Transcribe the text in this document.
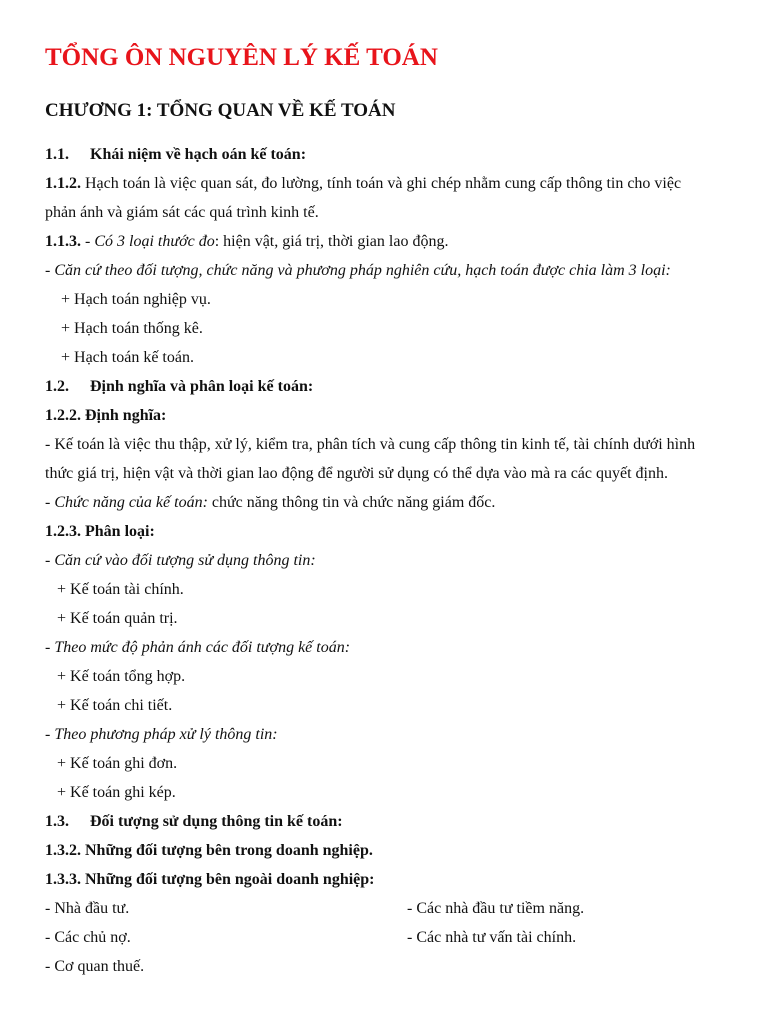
TỔNG ÔN NGUYÊN LÝ KẾ TOÁN
CHƯƠNG 1: TỔNG QUAN VỀ KẾ TOÁN
1.1. Khái niệm về hạch oán kế toán:
1.1.2. Hạch toán là việc quan sát, đo lường, tính toán và ghi chép nhằm cung cấp thông tin cho việc
phản ánh và giám sát các quá trình kinh tế.
1.1.3. - Có 3 loại thước đo: hiện vật, giá trị, thời gian lao động.
- Căn cứ theo đối tượng, chức năng và phương pháp nghiên cứu, hạch toán được chia làm 3 loại:
+ Hạch toán nghiệp vụ.
+ Hạch toán thống kê.
+ Hạch toán kế toán.
1.2. Định nghĩa và phân loại kế toán:
1.2.2. Định nghĩa:
- Kế toán là việc thu thập, xử lý, kiểm tra, phân tích và cung cấp thông tin kinh tế, tài chính dưới hình
thức giá trị, hiện vật và thời gian lao động để người sử dụng có thể dựa vào mà ra các quyết định.
- Chức năng của kế toán: chức năng thông tin và chức năng giám đốc.
1.2.3. Phân loại:
- Căn cứ vào đối tượng sử dụng thông tin:
+ Kế toán tài chính.
+ Kế toán quản trị.
- Theo mức độ phản ánh các đối tượng kế toán:
+ Kế toán tổng hợp.
+ Kế toán chi tiết.
- Theo phương pháp xử lý thông tin:
+ Kế toán ghi đơn.
+ Kế toán ghi kép.
1.3. Đối tượng sử dụng thông tin kế toán:
1.3.2. Những đối tượng bên trong doanh nghiệp.
1.3.3. Những đối tượng bên ngoài doanh nghiệp:
- Nhà đầu tư.	- Các nhà đầu tư tiềm năng.
- Các chủ nợ.	- Các nhà tư vấn tài chính.
- Cơ quan thuế.
